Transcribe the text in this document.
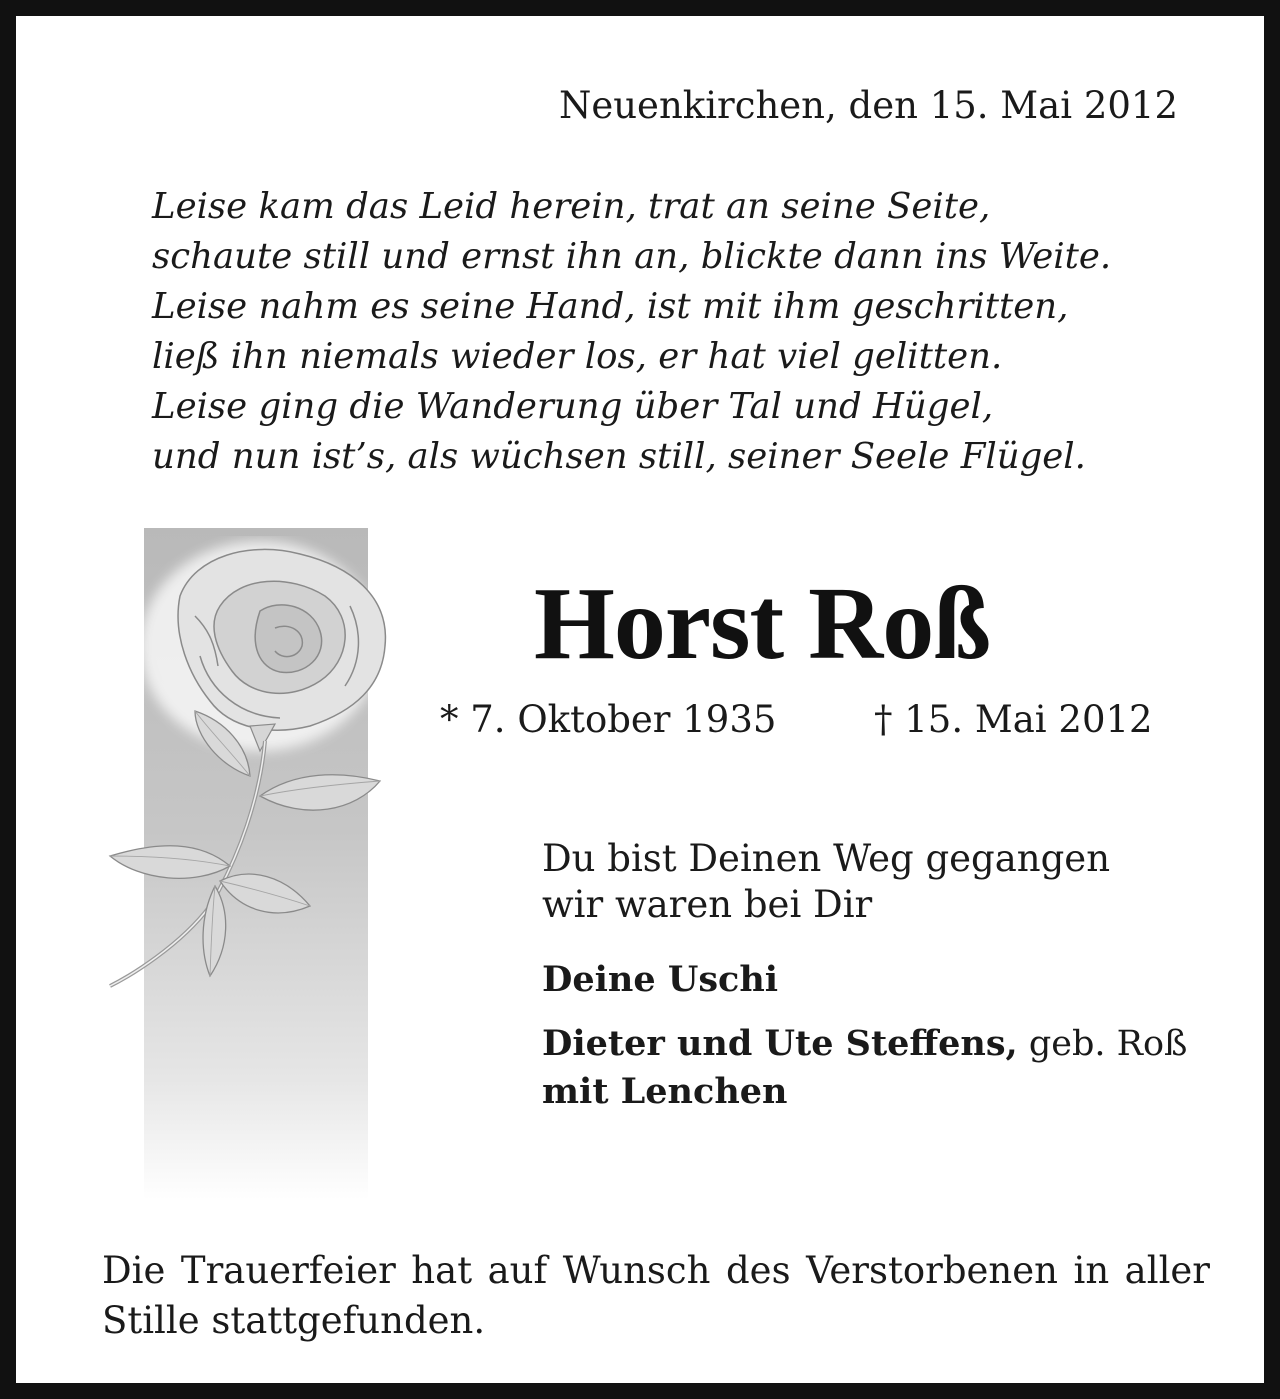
Neuenkirchen, den 15. Mai 2012
Leise kam das Leid herein, trat an seine Seite,
schaute still und ernst ihn an, blickte dann ins Weite.
Leise nahm es seine Hand, ist mit ihm geschritten,
ließ ihn niemals wieder los, er hat viel gelitten.
Leise ging die Wanderung über Tal und Hügel,
und nun ist’s, als wüchsen still, seiner Seele Flügel.
Horst Roß
* 7. Oktober 1935	† 15. Mai 2012
Du bist Deinen Weg gegangen
wir waren bei Dir
Deine Uschi
Dieter und Ute Steffens, geb. Roß
mit Lenchen
Die Trauerfeier hat auf Wunsch des Verstorbenen in aller Stille stattgefunden.
